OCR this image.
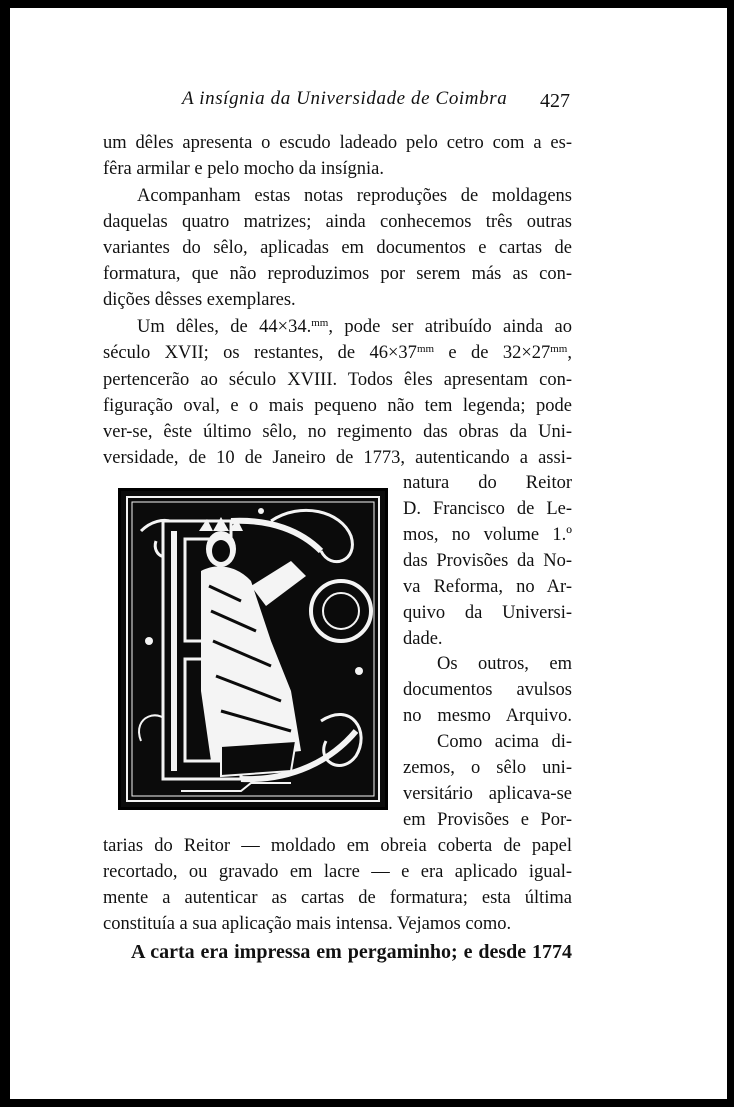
A insígnia da Universidade de Coimbra 427
um dêles apresenta o escudo ladeado pelo cetro com a es-
fêra armilar e pelo mocho da insígnia.
Acompanham estas notas reproduções de moldagens
daquelas quatro matrizes; ainda conhecemos três outras
variantes do sêlo, aplicadas em documentos e cartas de
formatura, que não reproduzimos por serem más as con-
dições dêsses exemplares.
Um dêles, de 44×34.$^{mm}$, pode ser atribuído ainda ao
século XVII; os restantes, de $46\times 37^{mm}$ e de $32\times 27^{mm}$,
pertencerão ao século XVIII. Todos êles apresentam con-
figuração oval, e o mais pequeno não tem legenda; pode
ver-se, êste último sêlo, no regimento das obras da Uni-
versidade, de 10 de Janeiro de 1773, autenticando a assi-
natura do Reitor
D. Francisco de Le-
mos, no volume 1.º
das Provisões da No-
va Reforma, no Ar-
quivo da Universi-
dade.
Os outros, em
documentos avulsos
no mesmo Arquivo.
Como acima di-
zemos, o sêlo uni-
versitário aplicava-se
em Provisões e Por-
tarias do Reitor — moldado em obreia coberta de papel
recortado, ou gravado em lacre — e era aplicado igual-
mente a autenticar as cartas de formatura; esta última
constituía a sua aplicação mais intensa. Vejamos como.
A carta era impressa em pergaminho; e desde 1774
